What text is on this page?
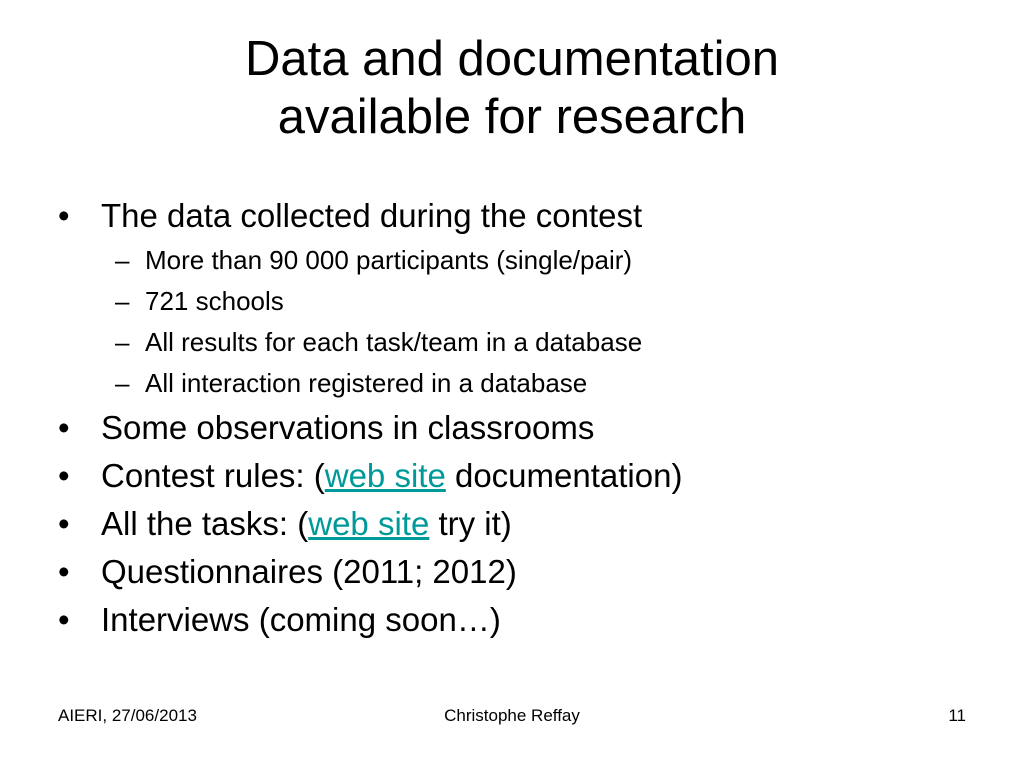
Data and documentation
available for research
• The data collected during the contest
– More than 90 000 participants (single/pair)
– 721 schools
– All results for each task/team in a database
– All interaction registered in a database
• Some observations in classrooms
• Contest rules: (web site documentation)
• All the tasks: (web site try it)
• Questionnaires (2011; 2012)
• Interviews (coming soon…)
AIERI, 27/06/2013	Christophe Reffay	11
